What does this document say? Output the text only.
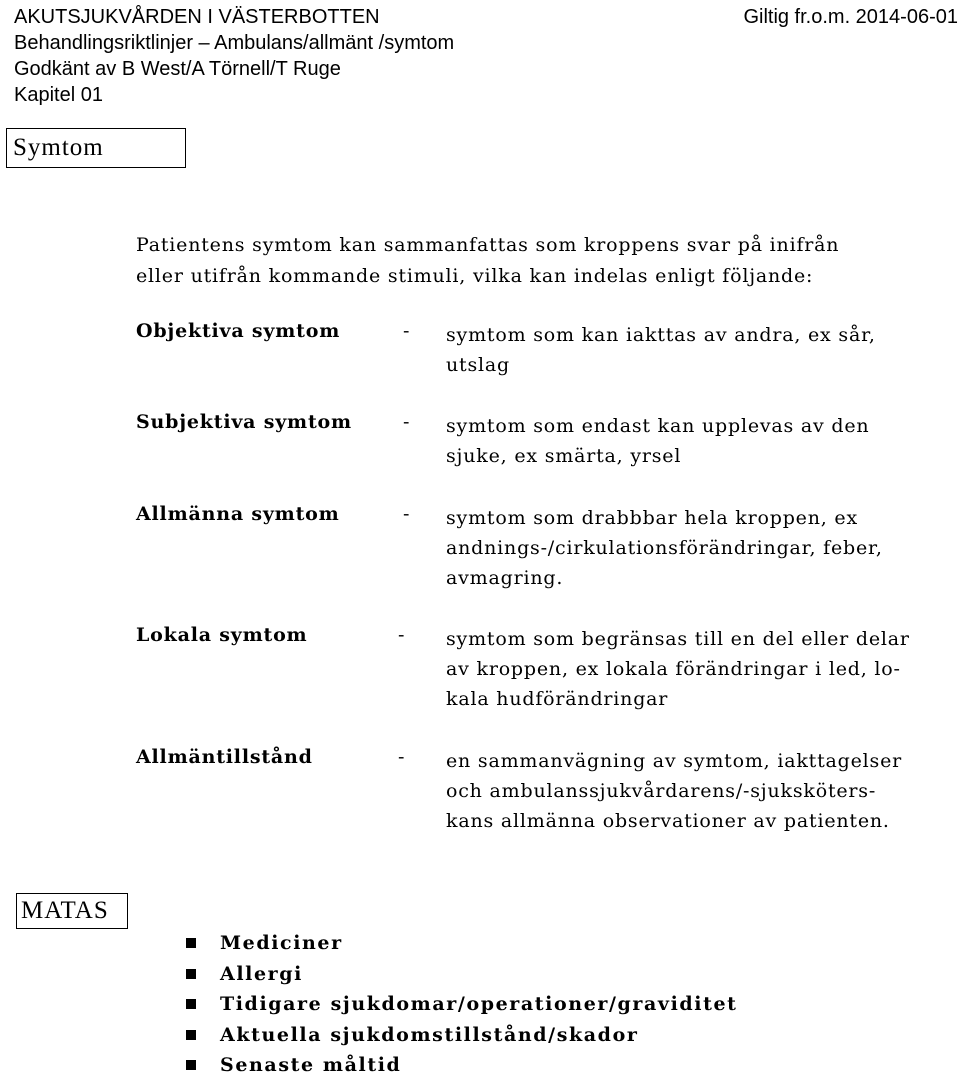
AKUTSJUKVÅRDEN I VÄSTERBOTTEN	Giltig fr.o.m. 2014-06-01
Behandlingsriktlinjer – Ambulans/allmänt /symtom
Godkänt av B West/A Törnell/T Ruge
Kapitel 01
Symtom
Patientens symtom kan sammanfattas som kroppens svar på inifrån
eller utifrån kommande stimuli, vilka kan indelas enligt följande:
Objektiva symtom	- symtom som kan iakttas av andra, ex sår,
utslag
Subjektiva symtom	- symtom som endast kan upplevas av den
sjuke, ex smärta, yrsel
Allmänna symtom	- symtom som drabbbar hela kroppen, ex
andnings-/cirkulationsförändringar, feber,
avmagring.
Lokala symtom	- symtom som begränsas till en del eller delar
av kroppen, ex lokala förändringar i led, lo-
kala hudförändringar
Allmäntillstånd	- en sammanvägning av symtom, iakttagelser
och ambulanssjukvårdarens/-sjuksköters-
kans allmänna observationer av patienten.
MATAS
Mediciner
Allergi
Tidigare sjukdomar/operationer/graviditet
Aktuella sjukdomstillstånd/skador
Senaste måltid
